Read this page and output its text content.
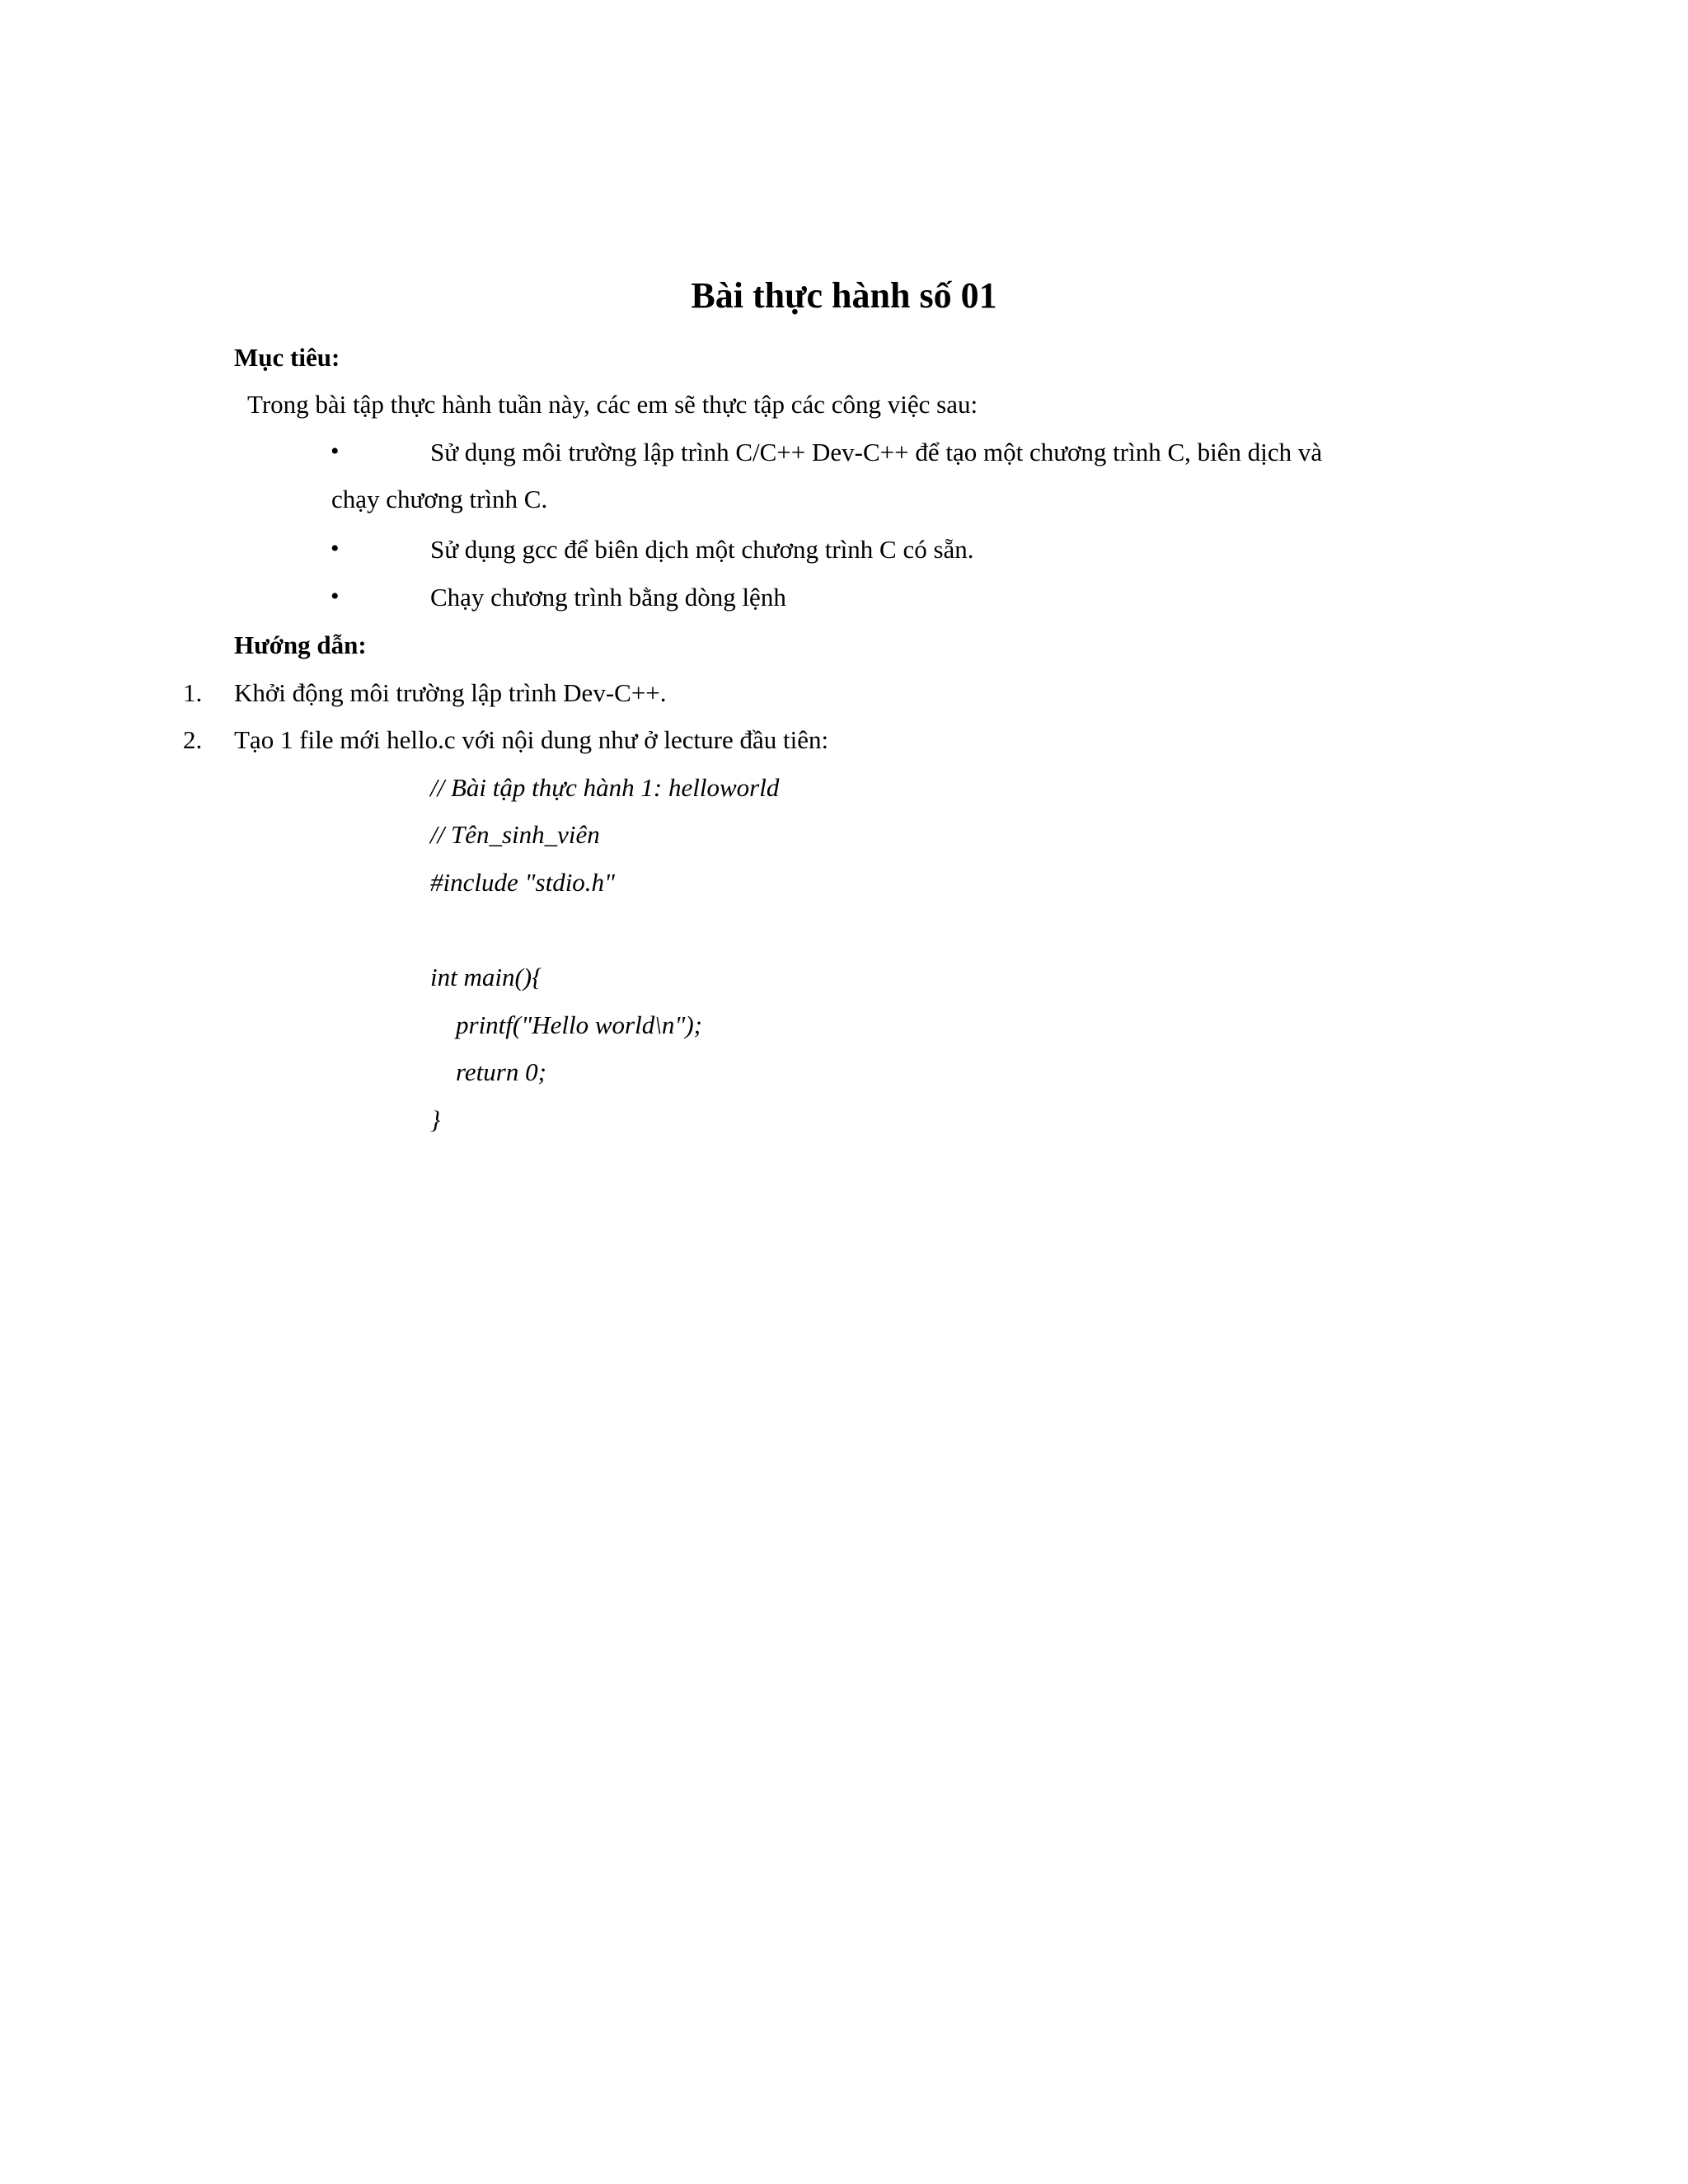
Bài thực hành số 01
Mục tiêu:
Trong bài tập thực hành tuần này, các em sẽ thực tập các công việc sau:
•	Sử dụng môi trường lập trình C/C++ Dev-C++ để tạo một chương trình C, biên dịch và
chạy chương trình C.
•	Sử dụng gcc để biên dịch một chương trình C có sẵn.
•	Chạy chương trình bằng dòng lệnh
Hướng dẫn:
1. Khởi động môi trường lập trình Dev-C++.
2. Tạo 1 file mới hello.c với nội dung như ở lecture đầu tiên:
// Bài tập thực hành 1: helloworld
// Tên_sinh_viên
#include "stdio.h"
int main(){
printf("Hello world\n");
return 0;
}
